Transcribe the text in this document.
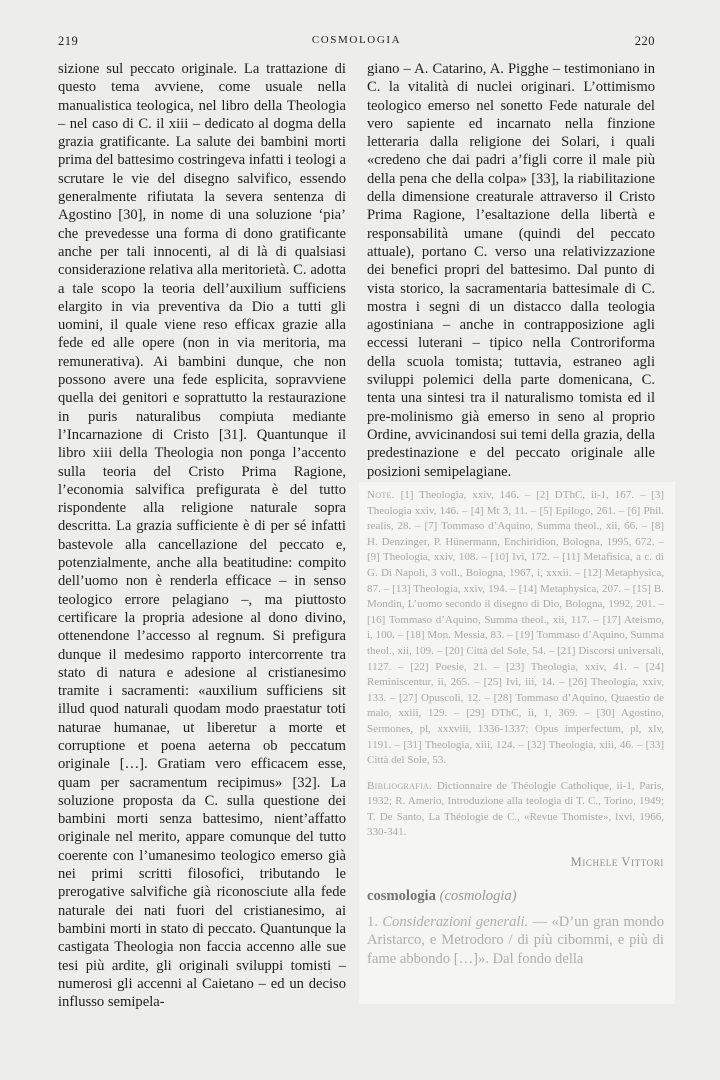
219	COSMOLOGIA	220
sizione sul peccato originale. La trattazione di questo tema avviene, come usuale nella manualistica teologica, nel libro della Theologia – nel caso di C. il xiii – dedicato al dogma della grazia gratificante. La salute dei bambini morti prima del battesimo costringeva infatti i teologi a scrutare le vie del disegno salvifico, essendo generalmente rifiutata la severa sentenza di Agostino [30], in nome di una soluzione ‘pia’ che prevedesse una forma di dono gratificante anche per tali innocenti, al di là di qualsiasi considerazione relativa alla meritorietà. C. adotta a tale scopo la teoria dell’auxilium sufficiens elargito in via preventiva da Dio a tutti gli uomini, il quale viene reso efficax grazie alla fede ed alle opere (non in via meritoria, ma remunerativa). Ai bambini dunque, che non possono avere una fede esplicita, sopravviene quella dei genitori e soprattutto la restaurazione in puris naturalibus compiuta mediante l’Incarnazione di Cristo [31]. Quantunque il libro xiii della Theologia non ponga l’accento sulla teoria del Cristo Prima Ragione, l’economia salvifica prefigurata è del tutto rispondente alla religione naturale sopra descritta. La grazia sufficiente è di per sé infatti bastevole alla cancellazione del peccato e, potenzialmente, anche alla beatitudine: compito dell’uomo non è renderla efficace – in senso teologico errore pelagiano –, ma piuttosto certificare la propria adesione al dono divino, ottenendone l’accesso al regnum. Si prefigura dunque il medesimo rapporto intercorrente tra stato di natura e adesione al cristianesimo tramite i sacramenti: «auxilium sufficiens sit illud quod naturali quodam modo praestatur toti naturae humanae, ut liberetur a morte et corruptione et poena aeterna ob peccatum originale […]. Gratiam vero efficacem esse, quam per sacramentum recipimus» [32]. La soluzione proposta da C. sulla questione dei bambini morti senza battesimo, nient’affatto originale nel merito, appare comunque del tutto coerente con l’umanesimo teologico emerso già nei primi scritti filosofici, tributando le prerogative salvifiche già riconosciute alla fede naturale dei nati fuori del cristianesimo, ai bambini morti in stato di peccato. Quantunque la castigata Theologia non faccia accenno alle sue tesi più ardite, gli originali sviluppi tomisti – numerosi gli accenni al Caietano – ed un deciso influsso semipela-
giano – A. Catarino, A. Pigghe – testimoniano in C. la vitalità di nuclei originari. L’ottimismo teologico emerso nel sonetto Fede naturale del vero sapiente ed incarnato nella finzione letteraria dalla religione dei Solari, i quali «credeno che dai padri a’figli corre il male più della pena che della colpa» [33], la riabilitazione della dimensione creaturale attraverso il Cristo Prima Ragione, l’esaltazione della libertà e responsabilità umane (quindi del peccato attuale), portano C. verso una relativizzazione dei benefici propri del battesimo. Dal punto di vista storico, la sacramentaria battesimale di C. mostra i segni di un distacco dalla teologia agostiniana – anche in contrapposizione agli eccessi luterani – tipico nella Controriforma della scuola tomista; tuttavia, estraneo agli sviluppi polemici della parte domenicana, C. tenta una sintesi tra il naturalismo tomista ed il pre-molinismo già emerso in seno al proprio Ordine, avvicinandosi sui temi della grazia, della predestinazione e del peccato originale alle posizioni semipelagiane.
Note. [1] Theologia, xxiv, 146. – [2] DThC, ii-1, 167. – [3] Theologia xxiv, 146. – [4] Mt 3, 11. – [5] Epilogo, 261. – [6] Phil. realis, 28. – [7] Tommaso d’Aquino, Summa theol., xii, 66. – [8] H. Denzinger, P. Hünermann, Enchiridion, Bologna, 1995, 672. – [9] Theologia, xxiv, 108. – [10] Ivi, 172. – [11] Metafisica, a c. di G. Di Napoli, 3 voll., Bologna, 1967, i, xxxii. – [12] Metaphysica, 87. – [13] Theologia, xxiv, 194. – [14] Metaphysica, 207. – [15] B. Mondin, L’uomo secondo il disegno di Dio, Bologna, 1992, 201. – [16] Tommaso d’Aquino, Summa theol., xii, 117. – [17] Ateismo, i, 100. – [18] Mon. Messia, 83. – [19] Tommaso d’Aquino, Summa theol., xii, 109. – [20] Città del Sole, 54. – [21] Discorsi universali, 1127. – [22] Poesie, 21. – [23] Theologia, xxiv, 41. – [24] Reminiscentur, ii, 265. – [25] Ivi, iii, 14. – [26] Theologia, xxiv, 133. – [27] Opuscoli, 12. – [28] Tommaso d’Aquino, Quaestio de malo, xxiii, 129. – [29] DThC, ii, 1, 369. – [30] Agostino, Sermones, pl, xxxviii, 1336-1337; Opus imperfectum, pl, xlv, 1191. – [31] Theologia, xiii, 124. – [32] Theologia, xiii, 46. – [33] Città del Sole, 53.
Bibliografia. Dictionnaire de Théologie Catholique, ii-1, Paris, 1932; R. Amerio, Introduzione alla teologia di T. C., Torino, 1949; T. De Santo, La Théologie de C., «Revue Thomiste», lxvi, 1966, 330-341.
Michele Vittori
cosmologia (cosmologia)
1. Considerazioni generali. — «D’un gran mondo Aristarco, e Metrodoro / di più cibommi, e più di fame abbondo […]». Dal fondo della
